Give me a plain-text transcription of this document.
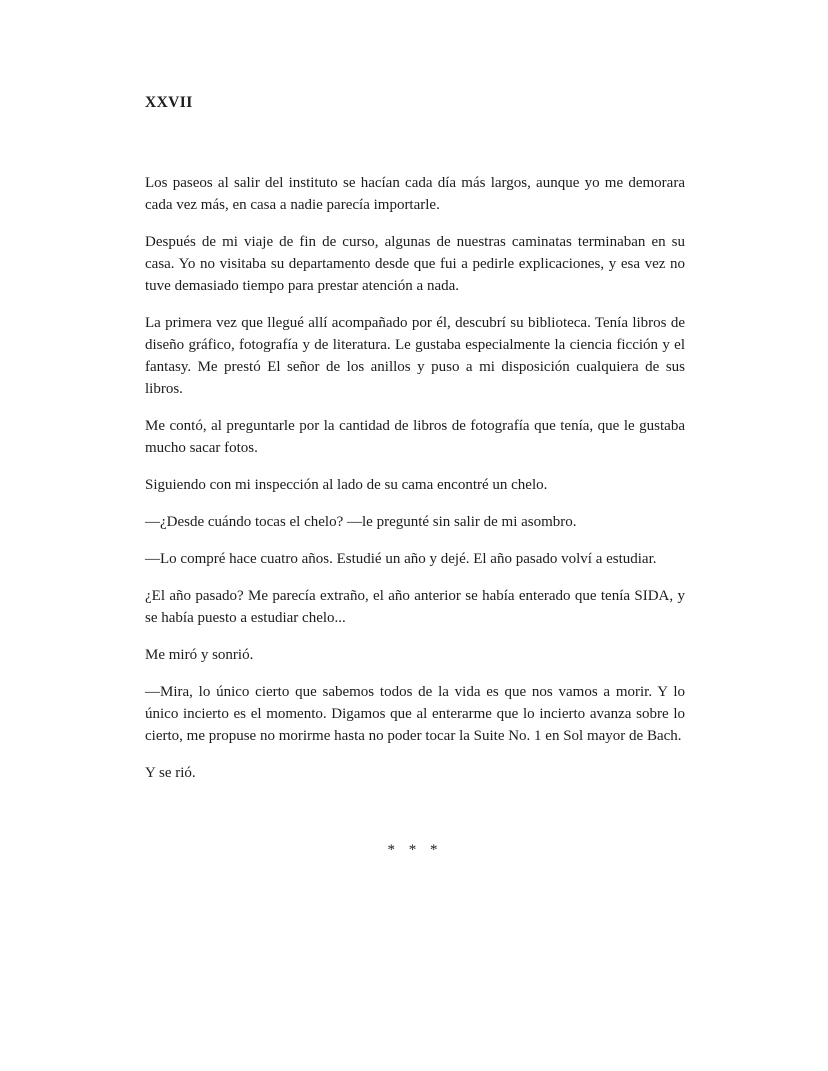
XXVII

Los paseos al salir del instituto se hacían cada día más largos, aunque yo me demorara cada vez más, en casa a nadie parecía importarle.

Después de mi viaje de fin de curso, algunas de nuestras caminatas terminaban en su casa. Yo no visitaba su departamento desde que fui a pedirle explicaciones, y esa vez no tuve demasiado tiempo para prestar atención a nada.

La primera vez que llegué allí acompañado por él, descubrí su biblioteca. Tenía libros de diseño gráfico, fotografía y de literatura. Le gustaba especialmente la ciencia ficción y el fantasy. Me prestó El señor de los anillos y puso a mi disposición cualquiera de sus libros.

Me contó, al preguntarle por la cantidad de libros de fotografía que tenía, que le gustaba mucho sacar fotos.

Siguiendo con mi inspección al lado de su cama encontré un chelo.

—¿Desde cuándo tocas el chelo? —le pregunté sin salir de mi asombro.

—Lo compré hace cuatro años. Estudié un año y dejé. El año pasado volví a estudiar.

¿El año pasado? Me parecía extraño, el año anterior se había enterado que tenía SIDA, y se había puesto a estudiar chelo...

Me miró y sonrió.

—Mira, lo único cierto que sabemos todos de la vida es que nos vamos a morir. Y lo único incierto es el momento. Digamos que al enterarme que lo incierto avanza sobre lo cierto, me propuse no morirme hasta no poder tocar la Suite No. 1 en Sol mayor de Bach.

Y se rió.

* * *
